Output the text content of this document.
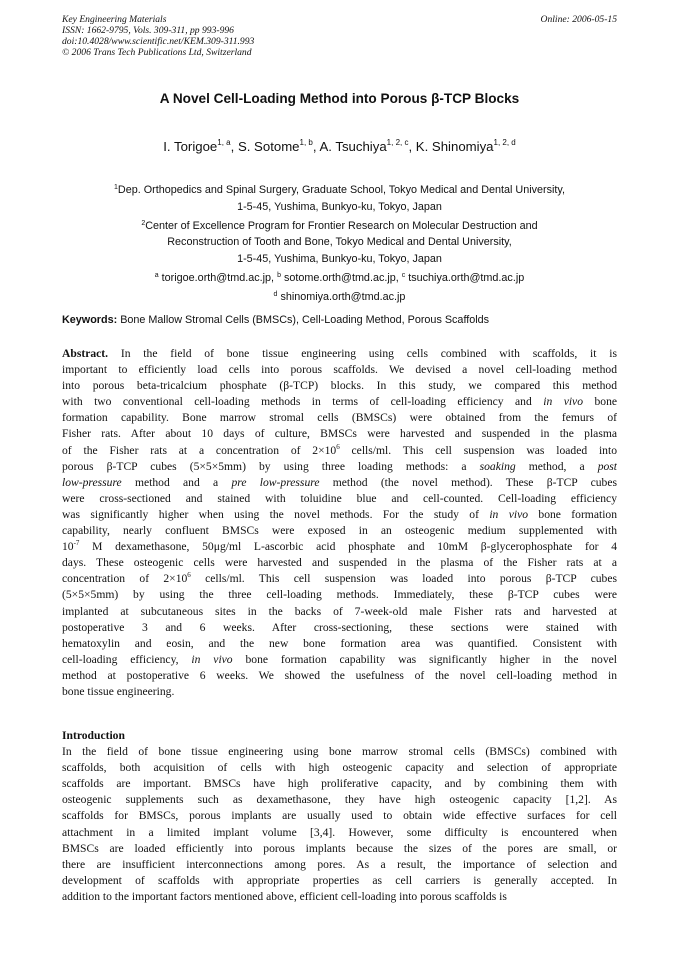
Key Engineering Materials
ISSN: 1662-9795, Vols. 309-311, pp 993-996
doi:10.4028/www.scientific.net/KEM.309-311.993
© 2006 Trans Tech Publications Ltd, Switzerland
Online: 2006-05-15
A Novel Cell-Loading Method into Porous β-TCP Blocks
I. Torigoe$^{1, a}$, S. Sotome$^{1, b}$, A. Tsuchiya$^{1, 2, c}$, K. Shinomiya$^{1, 2, d}$
$^1$Dep. Orthopedics and Spinal Surgery, Graduate School, Tokyo Medical and Dental University,
1-5-45, Yushima, Bunkyo-ku, Tokyo, Japan
$^2$Center of Excellence Program for Frontier Research on Molecular Destruction and
Reconstruction of Tooth and Bone, Tokyo Medical and Dental University,
1-5-45, Yushima, Bunkyo-ku, Tokyo, Japan
$^a$ torigoe.orth@tmd.ac.jp, $^b$ sotome.orth@tmd.ac.jp, $^c$ tsuchiya.orth@tmd.ac.jp
$^d$ shinomiya.orth@tmd.ac.jp
Keywords: Bone Mallow Stromal Cells (BMSCs), Cell-Loading Method, Porous Scaffolds
Abstract. In the field of bone tissue engineering using cells combined with scaffolds, it is
important to efficiently load cells into porous scaffolds. We devised a novel cell-loading method
into porous beta-tricalcium phosphate (β-TCP) blocks. In this study, we compared this method
with two conventional cell-loading methods in terms of cell-loading efficiency and in vivo bone
formation capability. Bone marrow stromal cells (BMSCs) were obtained from the femurs of
Fisher rats. After about 10 days of culture, BMSCs were harvested and suspended in the plasma
of the Fisher rats at a concentration of $2\times 10^6$ cells/ml. This cell suspension was loaded into
porous β-TCP cubes (5×5×5mm) by using three loading methods: a soaking method, a post
low-pressure method and a pre low-pressure method (the novel method). These β-TCP cubes
were cross-sectioned and stained with toluidine blue and cell-counted. Cell-loading efficiency
was significantly higher when using the novel methods. For the study of in vivo bone formation
capability, nearly confluent BMSCs were exposed in an osteogenic medium supplemented with
$10^{-7}$ M dexamethasone, 50μg/ml L-ascorbic acid phosphate and 10mM β-glycerophosphate for 4
days. These osteogenic cells were harvested and suspended in the plasma of the Fisher rats at a
concentration of $2\times 10^6$ cells/ml. This cell suspension was loaded into porous β-TCP cubes
(5×5×5mm) by using the three cell-loading methods. Immediately, these β-TCP cubes were
implanted at subcutaneous sites in the backs of 7-week-old male Fisher rats and harvested at
postoperative 3 and 6 weeks. After cross-sectioning, these sections were stained with
hematoxylin and eosin, and the new bone formation area was quantified. Consistent with
cell-loading efficiency, in vivo bone formation capability was significantly higher in the novel
method at postoperative 6 weeks. We showed the usefulness of the novel cell-loading method in
bone tissue engineering.
Introduction
In the field of bone tissue engineering using bone marrow stromal cells (BMSCs) combined with
scaffolds, both acquisition of cells with high osteogenic capacity and selection of appropriate
scaffolds are important. BMSCs have high proliferative capacity, and by combining them with
osteogenic supplements such as dexamethasone, they have high osteogenic capacity [1,2]. As
scaffolds for BMSCs, porous implants are usually used to obtain wide effective surfaces for cell
attachment in a limited implant volume [3,4]. However, some difficulty is encountered when
BMSCs are loaded efficiently into porous implants because the sizes of the pores are small, or
there are insufficient interconnections among pores. As a result, the importance of selection and
development of scaffolds with appropriate properties as cell carriers is generally accepted. In
addition to the important factors mentioned above, efficient cell-loading into porous scaffolds is
